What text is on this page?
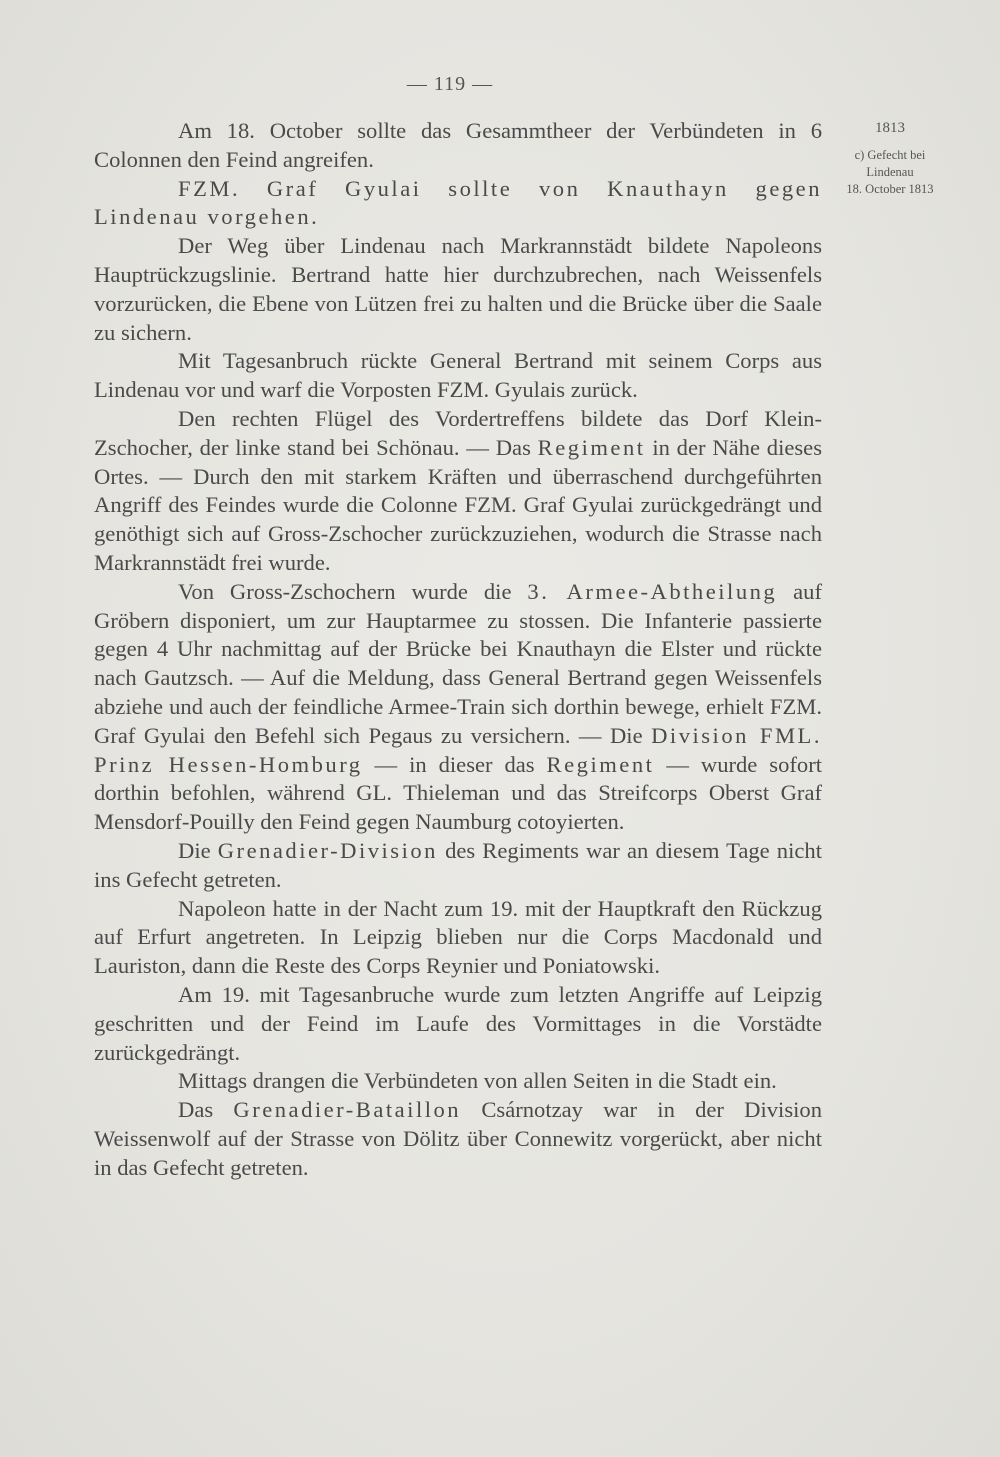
— 119 —
1813
c) Gefecht bei
Lindenau
18. October 1813

Am 18. October sollte das Gesammtheer der Verbündeten in 6 Colonnen den Feind angreifen.

FZM. Graf Gyulai sollte von Knauthayn gegen Lindenau vorgehen.

Der Weg über Lindenau nach Markrannstädt bildete Napoleons Hauptrückzugslinie. Bertrand hatte hier durchzubrechen, nach Weissenfels vorzurücken, die Ebene von Lützen frei zu halten und die Brücke über die Saale zu sichern.

Mit Tagesanbruch rückte General Bertrand mit seinem Corps aus Lindenau vor und warf die Vorposten FZM. Gyulais zurück.

Den rechten Flügel des Vordertreffens bildete das Dorf Klein-Zschocher, der linke stand bei Schönau. — Das Regiment in der Nähe dieses Ortes. — Durch den mit starkem Kräften und überraschend durchgeführten Angriff des Feindes wurde die Colonne FZM. Graf Gyulai zurückgedrängt und genöthigt sich auf Gross-Zschocher zurückzuziehen, wodurch die Strasse nach Markrannstädt frei wurde.

Von Gross-Zschochern wurde die 3. Armee-Abtheilung auf Gröbern disponiert, um zur Hauptarmee zu stossen. Die Infanterie passierte gegen 4 Uhr nachmittag auf der Brücke bei Knauthayn die Elster und rückte nach Gautzsch. — Auf die Meldung, dass General Bertrand gegen Weissenfels abziehe und auch der feindliche Armee-Train sich dorthin bewege, erhielt FZM. Graf Gyulai den Befehl sich Pegaus zu versichern. — Die Division FML. Prinz Hessen-Homburg — in dieser das Regiment — wurde sofort dorthin befohlen, während GL. Thieleman und das Streifcorps Oberst Graf Mensdorf-Pouilly den Feind gegen Naumburg cotoyierten.

Die Grenadier-Division des Regiments war an diesem Tage nicht ins Gefecht getreten.

Napoleon hatte in der Nacht zum 19. mit der Hauptkraft den Rückzug auf Erfurt angetreten. In Leipzig blieben nur die Corps Macdonald und Lauriston, dann die Reste des Corps Reynier und Poniatowski.

Am 19. mit Tagesanbruche wurde zum letzten Angriffe auf Leipzig geschritten und der Feind im Laufe des Vormittages in die Vorstädte zurückgedrängt.

Mittags drangen die Verbündeten von allen Seiten in die Stadt ein.

Das Grenadier-Bataillon Csárnotzay war in der Division Weissenwolf auf der Strasse von Dölitz über Connewitz vorgerückt, aber nicht in das Gefecht getreten.
